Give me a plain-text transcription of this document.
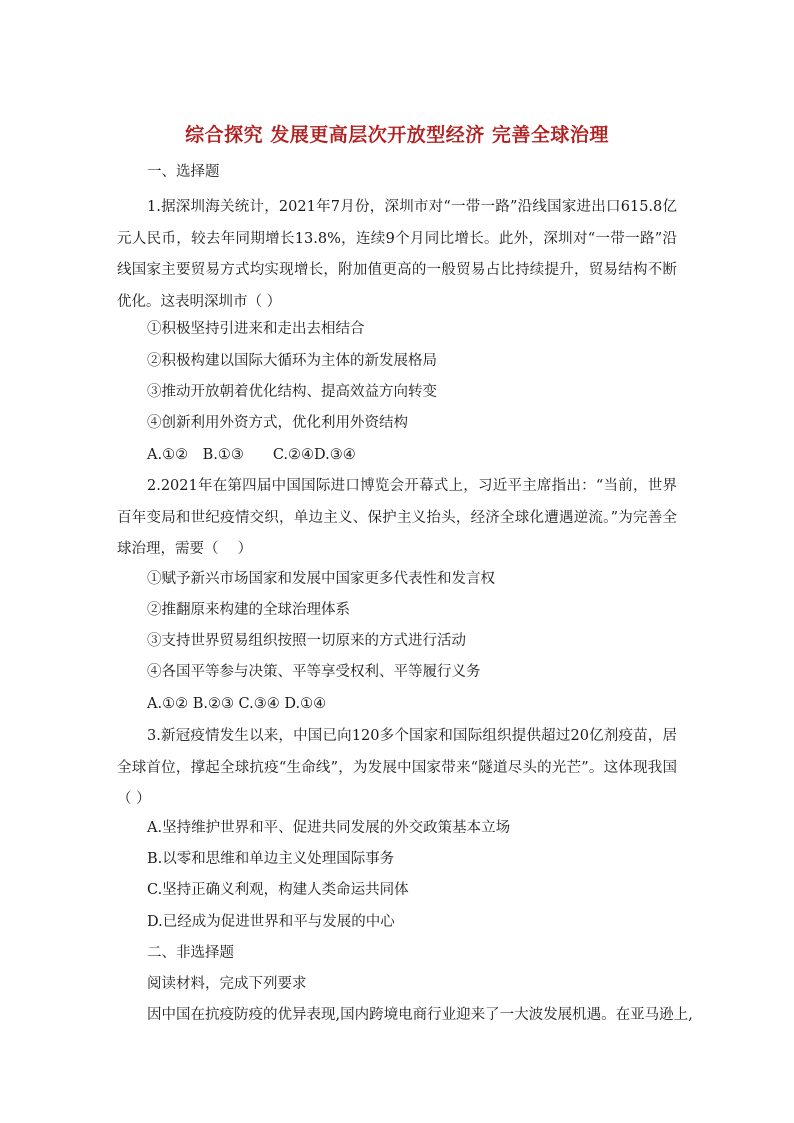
综合探究 发展更高层次开放型经济 完善全球治理
一、选择题
1.据深圳海关统计，2021年7月份，深圳市对“一带一路”沿线国家进出口615.8亿元人民币，较去年同期增长13.8%，连续9个月同比增长。此外，深圳对“一带一路”沿线国家主要贸易方式均实现增长，附加值更高的一般贸易占比持续提升，贸易结构不断优化。这表明深圳市（ ）
①积极坚持引进来和走出去相结合
②积极构建以国际大循环为主体的新发展格局
③推动开放朝着优化结构、提高效益方向转变
④创新利用外资方式，优化利用外资结构
A.①②　B.①③　　C.②④D.③④
2.2021年在第四届中国国际进口博览会开幕式上，习近平主席指出：“当前，世界百年变局和世纪疫情交织，单边主义、保护主义抬头，经济全球化遭遇逆流。”为完善全球治理，需要（　 ）
①赋予新兴市场国家和发展中国家更多代表性和发言权
②推翻原来构建的全球治理体系
③支持世界贸易组织按照一切原来的方式进行活动
④各国平等参与决策、平等享受权利、平等履行义务
A.①② B.②③ C.③④ D.①④
3.新冠疫情发生以来，中国已向120多个国家和国际组织提供超过20亿剂疫苗，居全球首位，撑起全球抗疫“生命线”，为发展中国家带来“隧道尽头的光芒”。这体现我国（ ）
A.坚持维护世界和平、促进共同发展的外交政策基本立场
B.以零和思维和单边主义处理国际事务
C.坚持正确义利观，构建人类命运共同体
D.已经成为促进世界和平与发展的中心
二、非选择题
阅读材料，完成下列要求
因中国在抗疫防疫的优异表现,国内跨境电商行业迎来了一大波发展机遇。在亚马逊上,
